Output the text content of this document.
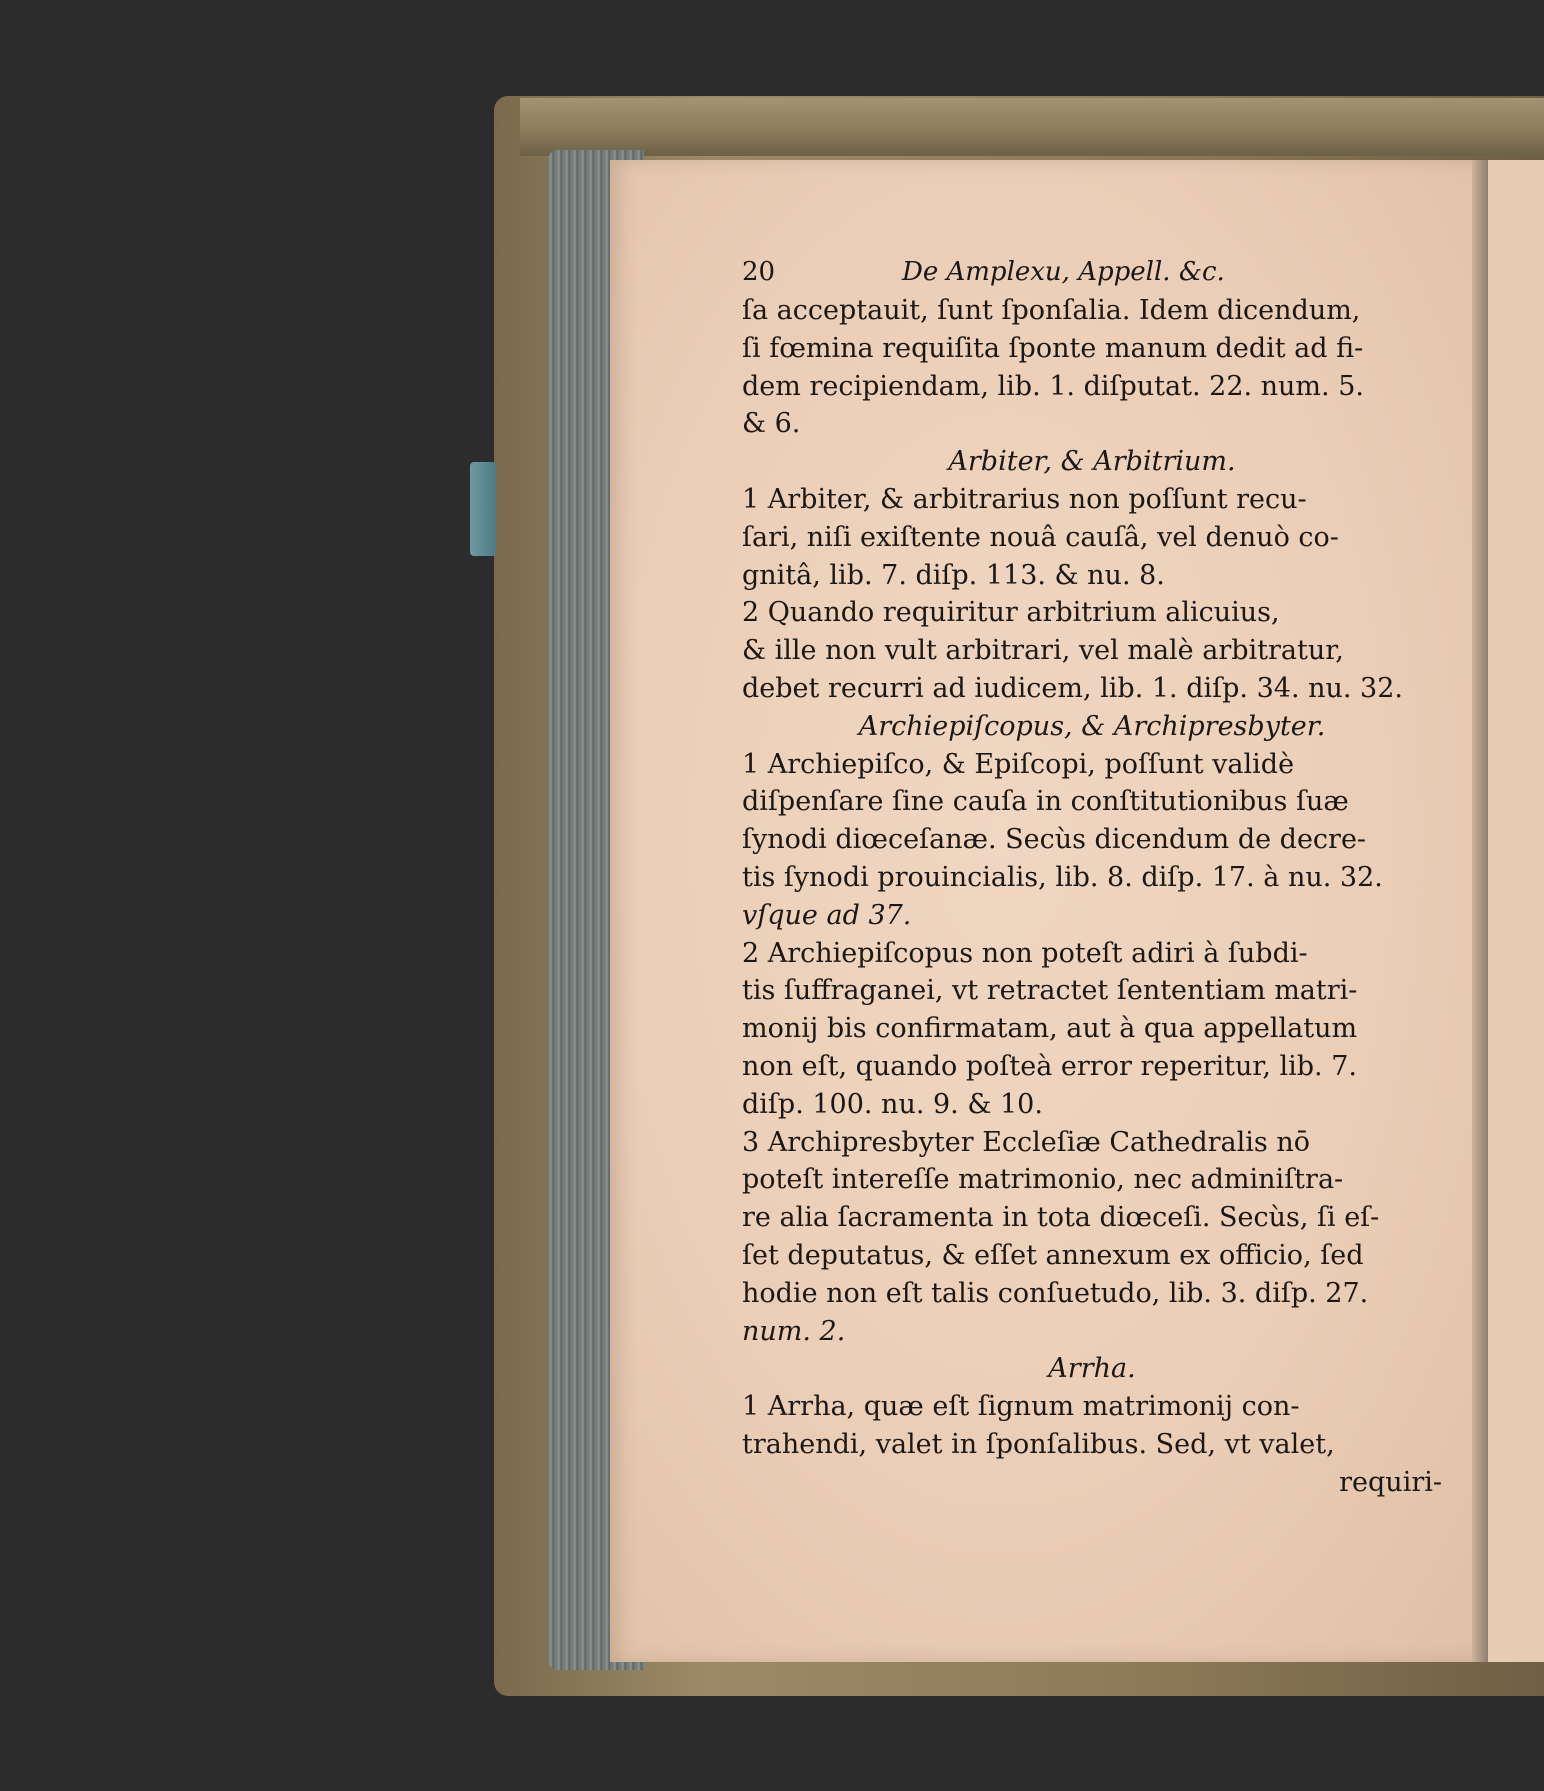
20	De Amplexu, Appell. &c.
ſa acceptauit, ſunt ſponſalia. Idem dicendum,
ſi fœmina requiſita ſponte manum dedit ad fi-
dem recipiendam, lib. 1. diſputat. 22. num. 5.
& 6.
Arbiter, & Arbitrium.
1 Arbiter, & arbitrarius non poſſunt recu-
ſari, niſi exiſtente nouâ cauſâ, vel denuò co-
gnitâ, lib. 7. diſp. 113. & nu. 8.
2 Quando requiritur arbitrium alicuius,
& ille non vult arbitrari, vel malè arbitratur,
debet recurri ad iudicem, lib. 1. diſp. 34. nu. 32.
Archiepiſcopus, & Archipresbyter.
1 Archiepiſco, & Epiſcopi, poſſunt validè
diſpenſare ſine cauſa in conſtitutionibus ſuæ
ſynodi diœceſanæ. Secùs dicendum de decre-
tis ſynodi prouincialis, lib. 8. diſp. 17. à nu. 32.
vſque ad 37.
2 Archiepiſcopus non poteſt adiri à ſubdi-
tis ſuffraganei, vt retractet ſententiam matri-
monij bis confirmatam, aut à qua appellatum
non eſt, quando poſteà error reperitur, lib. 7.
diſp. 100. nu. 9. & 10.
3 Archipresbyter Eccleſiæ Cathedralis nō
poteſt intereſſe matrimonio, nec adminiſtra-
re alia ſacramenta in tota diœceſi. Secùs, ſi eſ-
ſet deputatus, & eſſet annexum ex officio, ſed
hodie non eſt talis conſuetudo, lib. 3. diſp. 27.
num. 2.
Arrha.
1 Arrha, quæ eſt ſignum matrimonij con-
trahendi, valet in ſponſalibus. Sed, vt valet,
requiri-
